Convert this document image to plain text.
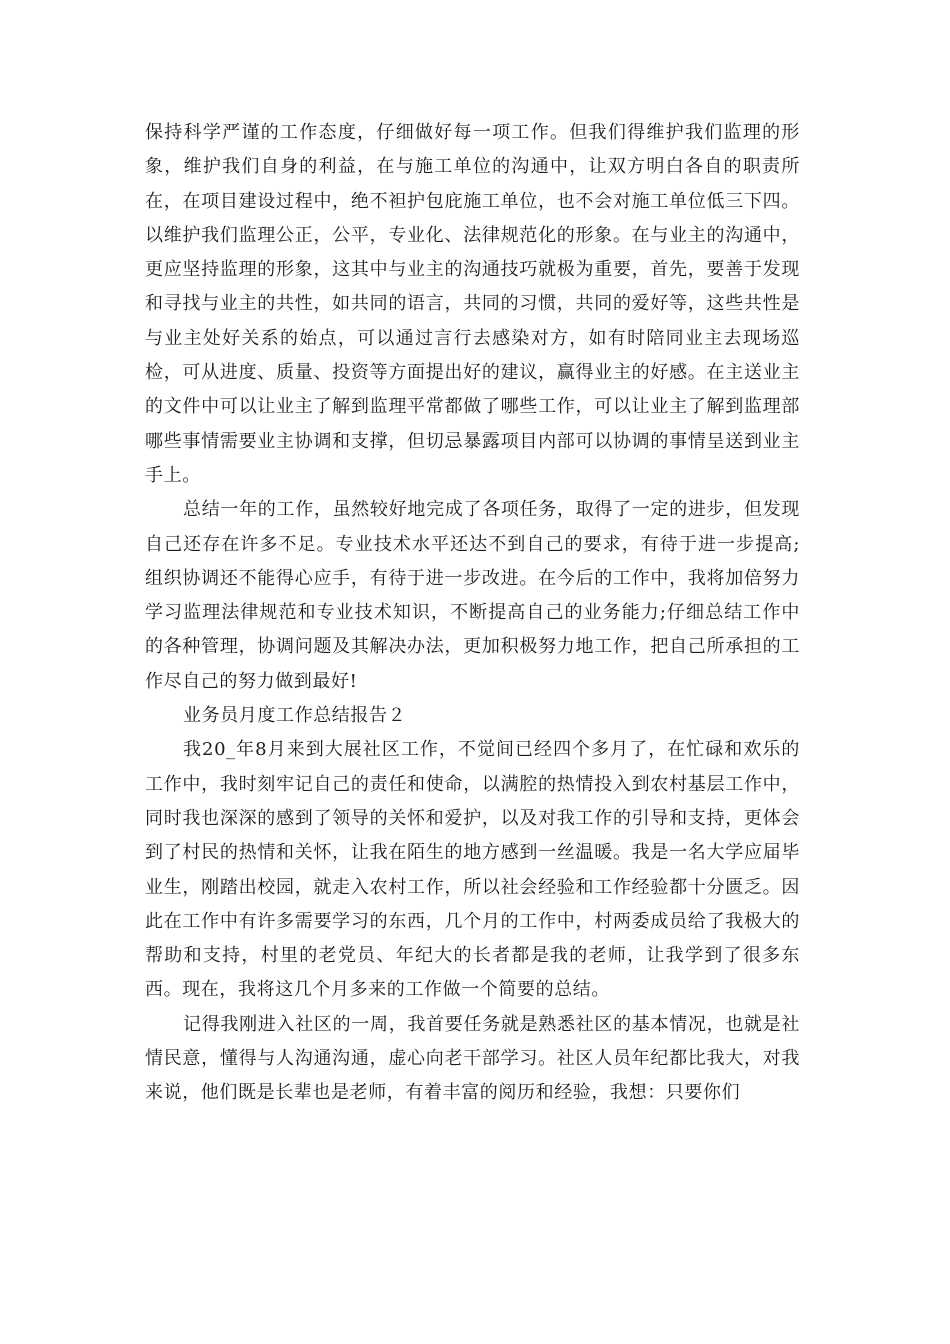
保持科学严谨的工作态度，仔细做好每一项工作。但我们得维护我们监理的形象，维护我们自身的利益，在与施工单位的沟通中，让双方明白各自的职责所在，在项目建设过程中，绝不袒护包庇施工单位，也不会对施工单位低三下四。以维护我们监理公正，公平，专业化、法律规范化的形象。在与业主的沟通中，更应坚持监理的形象，这其中与业主的沟通技巧就极为重要，首先，要善于发现和寻找与业主的共性，如共同的语言，共同的习惯，共同的爱好等，这些共性是与业主处好关系的始点，可以通过言行去感染对方，如有时陪同业主去现场巡检，可从进度、质量、投资等方面提出好的建议，赢得业主的好感。在主送业主的文件中可以让业主了解到监理平常都做了哪些工作，可以让业主了解到监理部哪些事情需要业主协调和支撑，但切忌暴露项目内部可以协调的事情呈送到业主手上。

总结一年的工作，虽然较好地完成了各项任务，取得了一定的进步，但发现自己还存在许多不足。专业技术水平还达不到自己的要求，有待于进一步提高;组织协调还不能得心应手，有待于进一步改进。在今后的工作中，我将加倍努力学习监理法律规范和专业技术知识，不断提高自己的业务能力;仔细总结工作中的各种管理，协调问题及其解决办法，更加积极努力地工作，把自己所承担的工作尽自己的努力做到最好!

业务员月度工作总结报告２

我20_年8月来到大展社区工作，不觉间已经四个多月了，在忙碌和欢乐的工作中，我时刻牢记自己的责任和使命，以满腔的热情投入到农村基层工作中，同时我也深深的感到了领导的关怀和爱护，以及对我工作的引导和支持，更体会到了村民的热情和关怀，让我在陌生的地方感到一丝温暖。我是一名大学应届毕业生，刚踏出校园，就走入农村工作，所以社会经验和工作经验都十分匮乏。因此在工作中有许多需要学习的东西，几个月的工作中，村两委成员给了我极大的帮助和支持，村里的老党员、年纪大的长者都是我的老师，让我学到了很多东西。现在，我将这几个月多来的工作做一个简要的总结。

记得我刚进入社区的一周，我首要任务就是熟悉社区的基本情况，也就是社情民意，懂得与人沟通沟通，虚心向老干部学习。社区人员年纪都比我大，对我来说，他们既是长辈也是老师，有着丰富的阅历和经验，我想：只要你们
